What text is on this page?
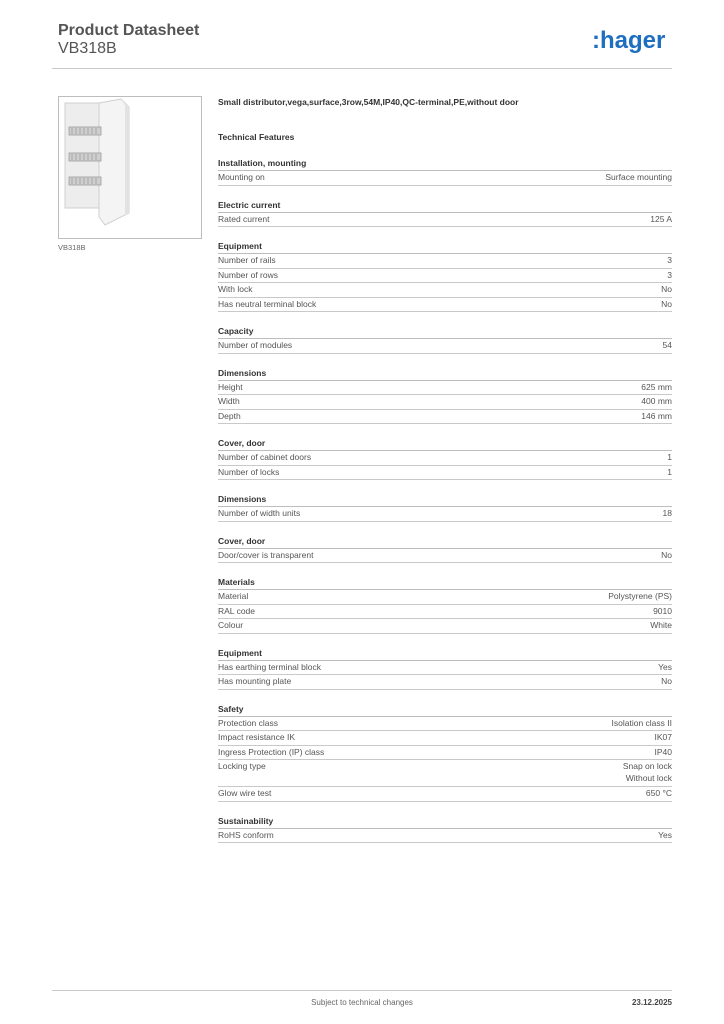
Product Datasheet

VB318B	:hager
VB318B
Small distributor,vega,surface,3row,54M,IP40,QC-terminal,PE,without door
Technical Features
Installation, mounting
Mounting on	Surface mounting
Electric current
Rated current	125 A
Equipment
Number of rails	3
Number of rows	3
With lock	No
Has neutral terminal block	No
Capacity
Number of modules	54
Dimensions
Height	625 mm
Width	400 mm
Depth	146 mm
Cover, door
Number of cabinet doors	1
Number of locks	1
Dimensions
Number of width units	18
Cover, door
Door/cover is transparent	No
Materials
Material	Polystyrene (PS)
RAL code	9010
Colour	White
Equipment
Has earthing terminal block	Yes
Has mounting plate	No
Safety
Protection class	Isolation class II
Impact resistance IK	IK07
Ingress Protection (IP) class	IP40
Locking type	Snap on lock
Without lock
Glow wire test	650 °C
Sustainability
RoHS conform	Yes
Subject to technical changes	23.12.2025
